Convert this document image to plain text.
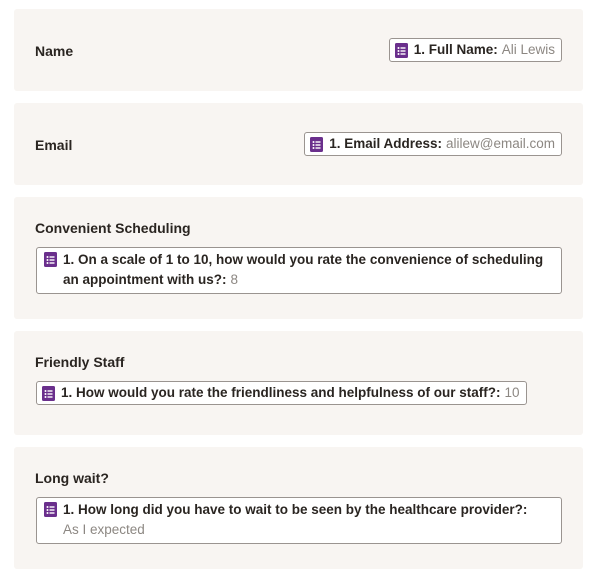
Name	1. Full Name: Ali Lewis
Email	1. Email Address: alilew@email.com
Convenient Scheduling
1. On a scale of 1 to 10, how would you rate the convenience of scheduling an appointment with us?: 8
Friendly Staff
1. How would you rate the friendliness and helpfulness of our staff?: 10
Long wait?
1. How long did you have to wait to be seen by the healthcare provider?:
As I expected
